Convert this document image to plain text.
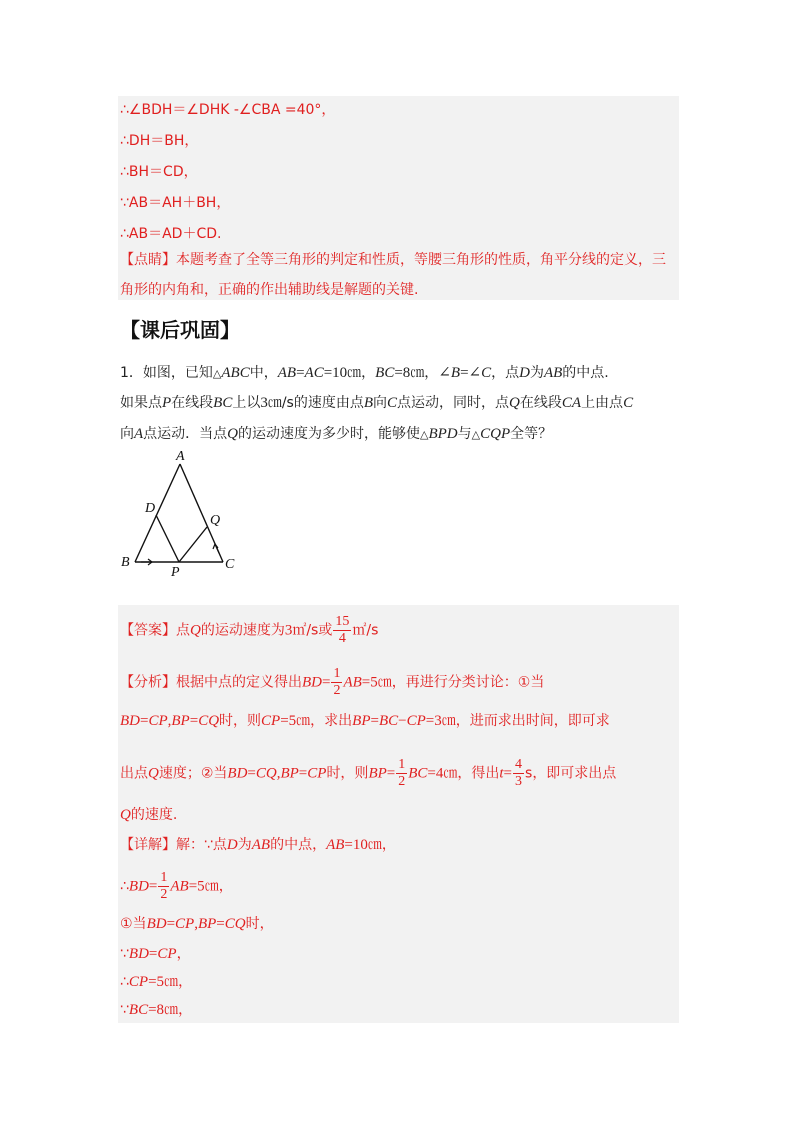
∴∠BDH＝∠DHK -∠CBA =40°，
∴DH＝BH，
∴BH＝CD，
∵AB＝AH＋BH，
∴AB＝AD＋CD.
【点睛】本题考查了全等三角形的判定和性质，等腰三角形的性质，角平分线的定义，三
角形的内角和，正确的作出辅助线是解题的关键.
【课后巩固】
1．如图，已知△ABC中，AB=AC=10㎝，BC=8㎝，∠B=∠C，点D为AB的中点.
如果点P在线段BC上以3㎝/s的速度由点B向C点运动，同时，点Q在线段CA上由点C
向A点运动．当点Q的运动速度为多少时，能够使△BPD与△CQP全等？
A
B	C
D
P
Q
【答案】点Q的运动速度为3㎡/s或 $\frac{15}{4}$ ㎡/s
【分析】根据中点的定义得出$BD= \frac{1}{2}$ AB=5㎝，再进行分类讨论：①当
BD=CP,BP=CQ时，则CP=5㎝，求出BP=BC−CP=3㎝，进而求出时间，即可求
出点Q速度；②当BD=CQ,BP=CP时，则$BP= \frac{1}{2}$ BC=4㎝，得出$t= \frac{4}{3}$ s，即可求出点
Q的速度.
【详解】解：∵点D为AB的中点，AB=10㎝，
∴BD= $\frac{1}{2}$ AB=5㎝，
①当BD=CP,BP=CQ时，
∵BD=CP，
∴CP=5㎝，
∵BC=8㎝，
